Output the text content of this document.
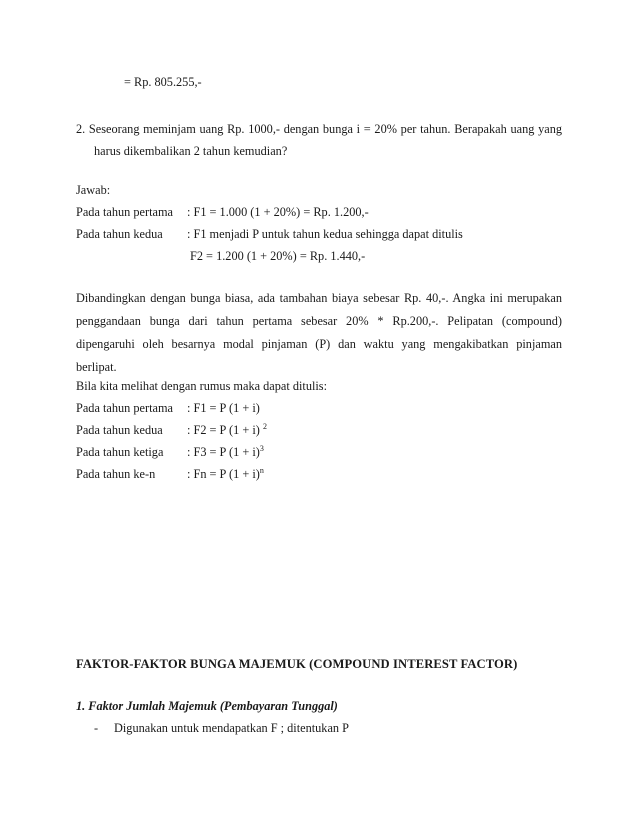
= Rp. 805.255,-
2. Seseorang meminjam uang Rp. 1000,- dengan bunga i = 20% per tahun. Berapakah uang yang
harus dikembalikan 2 tahun kemudian?
Jawab:
Pada tahun pertama : F1 = 1.000 (1 + 20%) = Rp. 1.200,-
Pada tahun kedua : F1 menjadi P untuk tahun kedua sehingga dapat ditulis
F2 = 1.200 (1 + 20%) = Rp. 1.440,-
Dibandingkan dengan bunga biasa, ada tambahan biaya sebesar Rp. 40,-. Angka ini merupakan
penggandaan bunga dari tahun pertama sebesar 20% * Rp.200,-. Pelipatan (compound)
dipengaruhi oleh besarnya modal pinjaman (P) dan waktu yang mengakibatkan pinjaman
berlipat.
Bila kita melihat dengan rumus maka dapat ditulis:
Pada tahun pertama : F1 = P (1 + i)
Pada tahun kedua : F2 = P (1 + i) $^2$
Pada tahun ketiga : F3 = P $(1 + i)^3$
Pada tahun ke-n	: Fn = P $(1 + i)^n$
FAKTOR-FAKTOR BUNGA MAJEMUK (COMPOUND INTEREST FACTOR)
1. Faktor Jumlah Majemuk (Pembayaran Tunggal)
- Digunakan untuk mendapatkan F ; ditentukan P
